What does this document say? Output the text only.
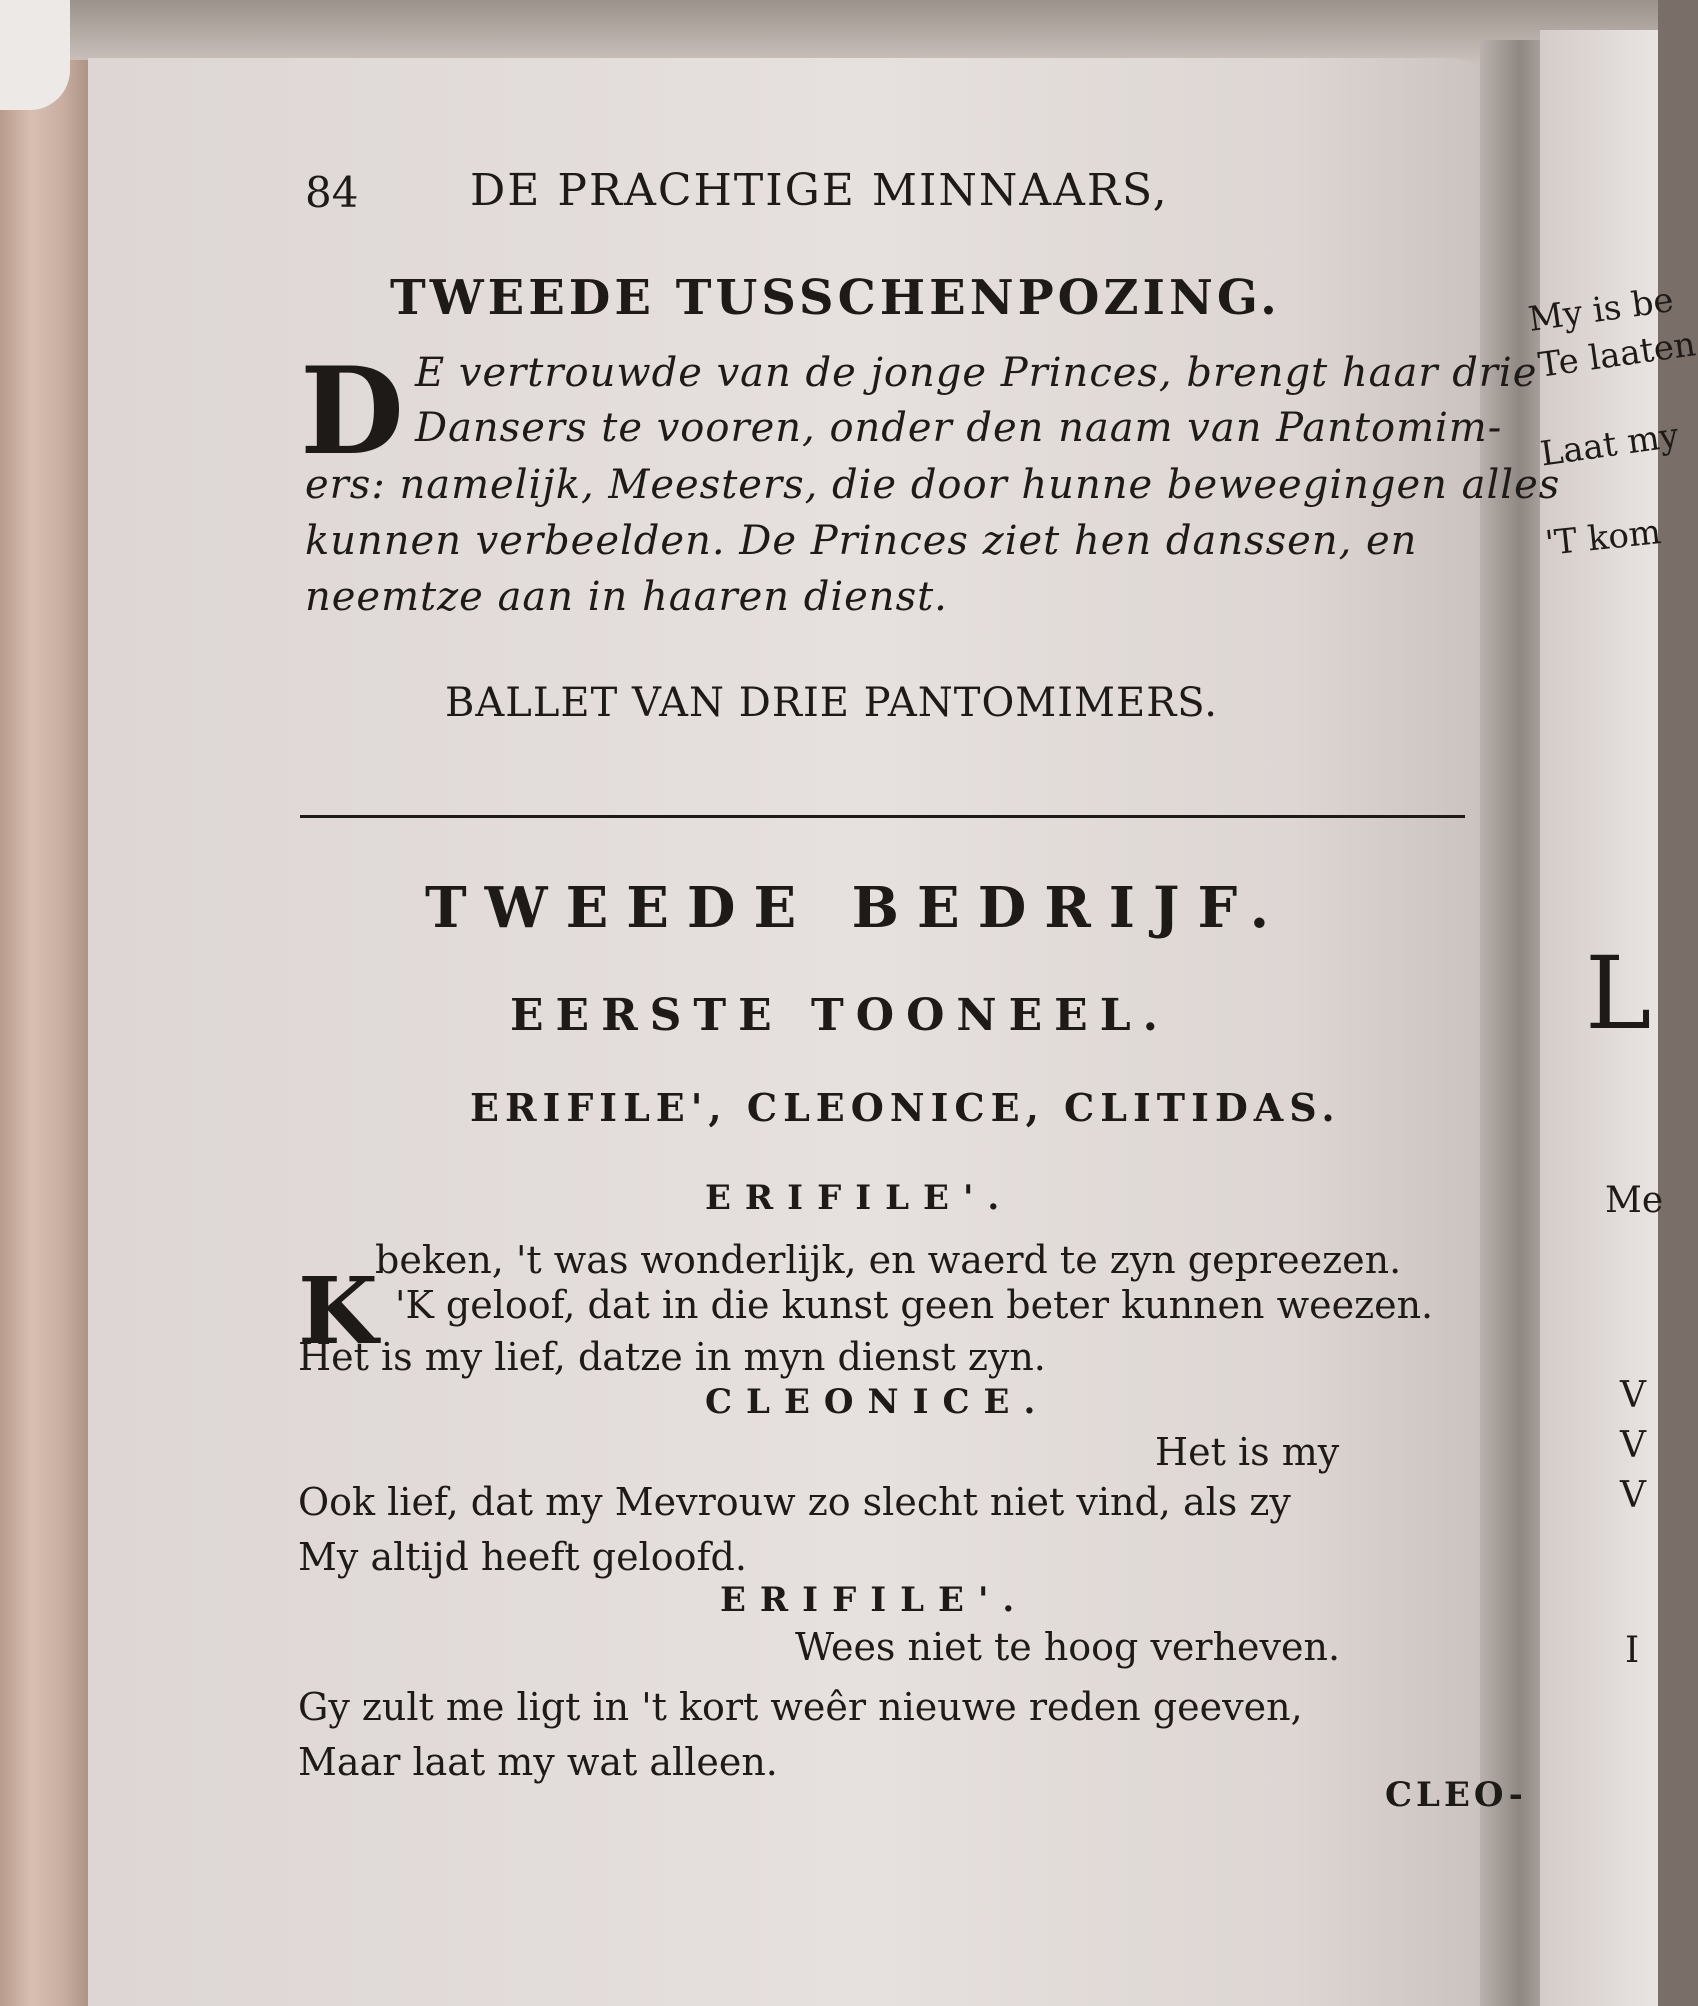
84	DE PRACHTIGE MINNAARS,
TWEEDE TUSSCHENPOZING.
D E vertrouwde van de jonge Princes, brengt haar drie
Dansers te vooren, onder den naam van Pantomim-
ers: namelijk, Meesters, die door hunne beweegingen alles
kunnen verbeelden. De Princes ziet hen danssen, en
neemtze aan in haaren dienst.
BALLET VAN DRIE PANTOMIMERS.
TWEEDE BEDRIJF.
EERSTE TOONEEL.
ERIFILE', CLEONICE, CLITIDAS.
ERIFILE'.
K
beken, 't was wonderlijk, en waerd te zyn gepreezen.
'K geloof, dat in die kunst geen beter kunnen weezen.
Het is my lief, datze in myn dienst zyn.
CLEONICE.
Het is my
Ook lief, dat my Mevrouw zo slecht niet vind, als zy
My altijd heeft geloofd.
ERIFILE'.
Wees niet te hoog verheven.
Gy zult me ligt in 't kort weêr nieuwe reden geeven,
Maar laat my wat alleen.
CLEO-
My is be
Te laaten
Laat my
'T kom
L
Me
V
V
V
I
